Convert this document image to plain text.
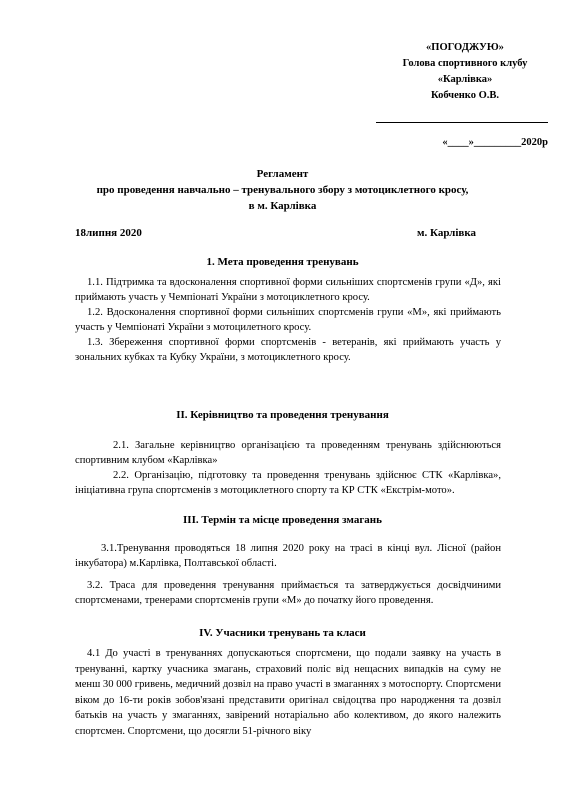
«ПОГОДЖУЮ»
Голова спортивного клубу
«Карлівка»
Кобченко О.В.
«____»_________2020р
Регламент
про проведення навчально – тренувального збору з мотоциклетного кросу,
в м. Карлівка
18липня 2020	м. Карлівка
1. Мета проведення тренувань
1.1. Підтримка та вдосконалення спортивної форми сильніших спортсменів групи «Д», які приймають участь у Чемпіонаті України з мотоциклетного кросу.
1.2. Вдосконалення спортивної форми сильніших спортсменів групи «М», які приймають участь у Чемпіонаті України з мотоцилетного кросу.
1.3. Збереження спортивної форми спортсменів - ветеранів, які приймають участь у зональних кубках та Кубку України, з мотоциклетного кросу.
ІІ. Керівництво та проведення тренування
2.1. Загальне керівництво організацією та проведенням тренувань здійснюються спортивним клубом «Карлівка»
2.2. Організацію, підготовку та проведення тренувань здійснює СТК «Карлівка», ініціативна група спортсменів з мотоциклетного спорту та КР СТК «Екстрім-мото».
ІІІ. Термін та місце проведення змагань
3.1.Тренування проводяться 18 липня 2020 року на трасі в кінці вул. Лісної (район інкубатора) м.Карлівка, Полтавської області.
3.2. Траса для проведення тренування приймається та затверджується досвідчиними спортсменами, тренерами спортсменів групи «М» до початку його проведення.
ІV. Учасники тренувань та класи
4.1 До участі в тренуваннях допускаються спортсмени, що подали заявку на участь в тренуванні, картку учасника змагань, страховий поліс від нещасних випадків на суму не менш 30 000 гривень, медичний дозвіл на право участі в змаганнях з мотоспорту. Спортсмени віком до 16-ти років зобов'язані представити оригінал свідоцтва про народження та дозвіл батьків на участь у змаганнях, завірений нотаріально або колективом, до якого належить спортсмен. Спортсмени, що досягли 51-річного віку
